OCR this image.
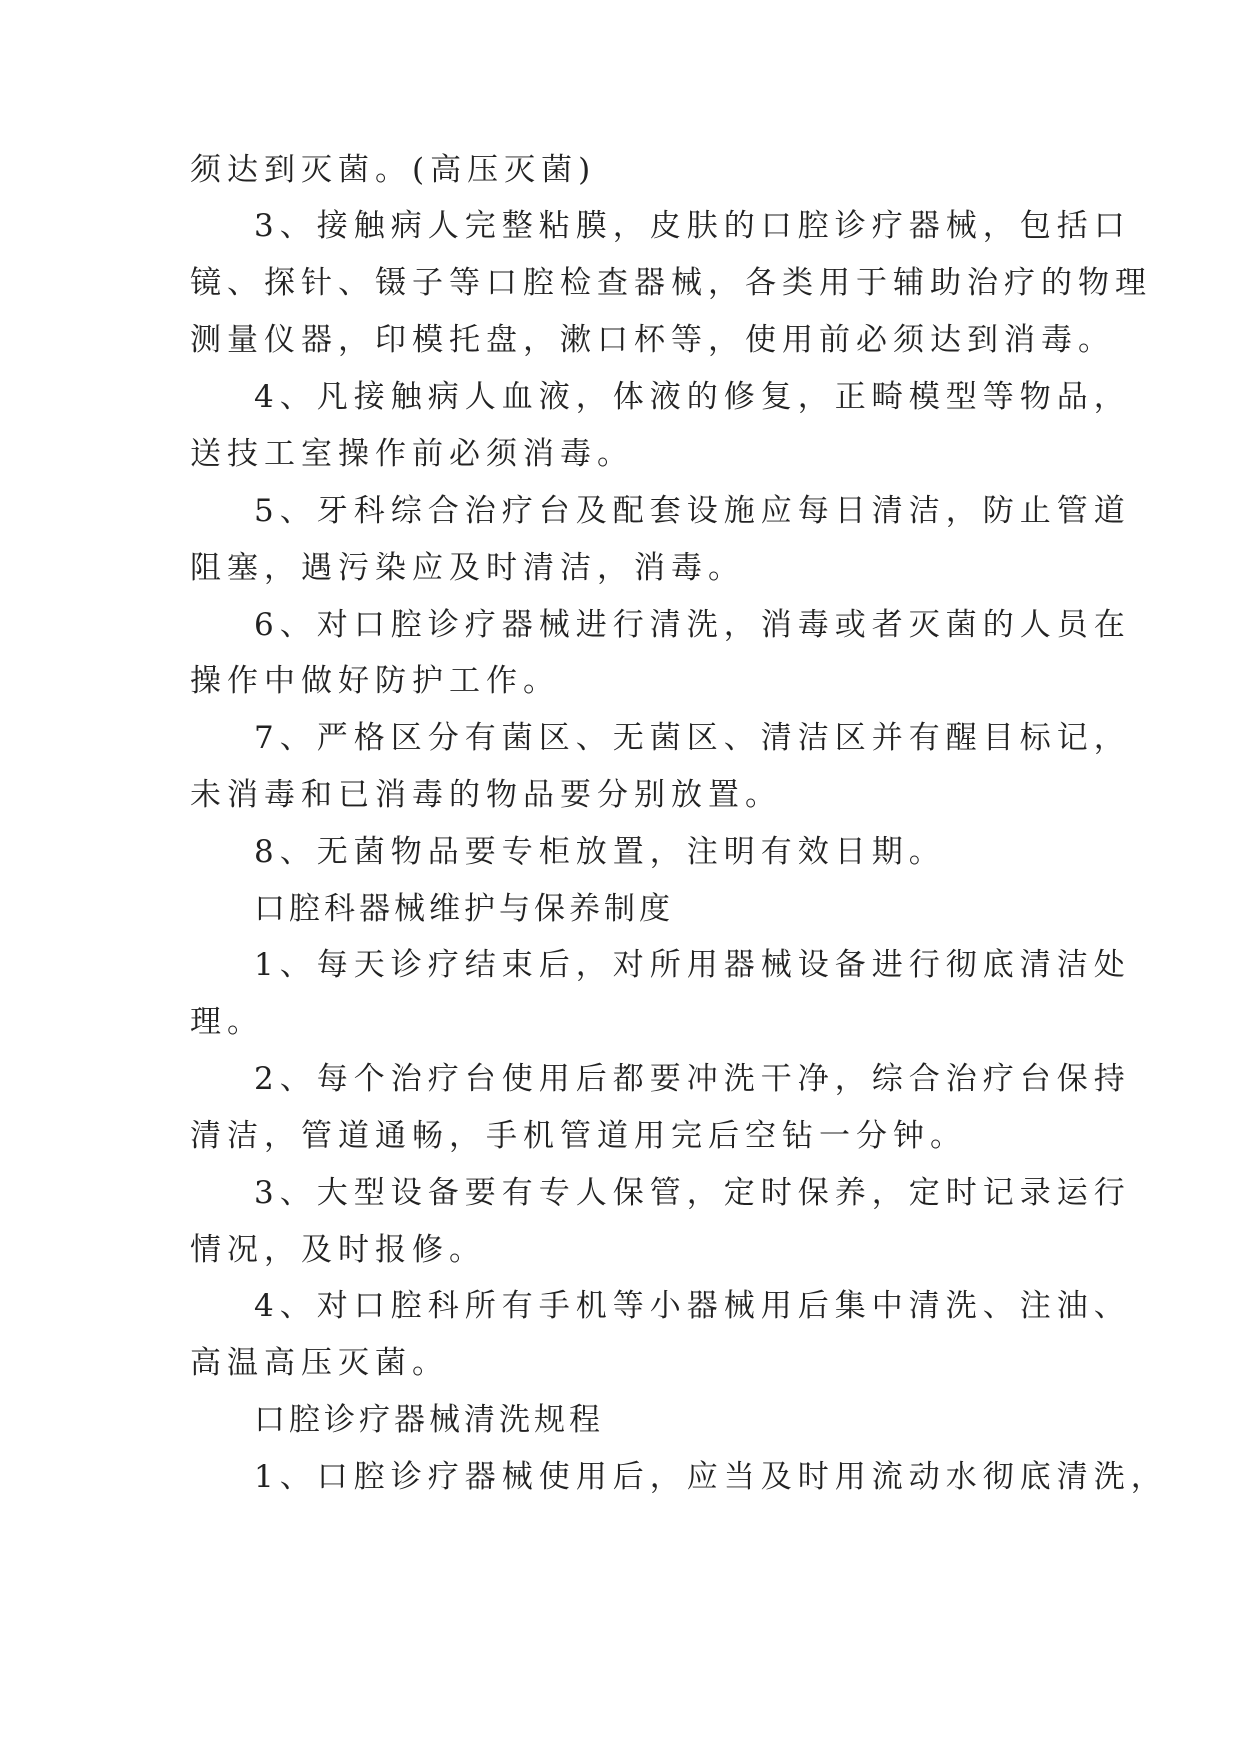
须达到灭菌。(高压灭菌)
3、接触病人完整粘膜，皮肤的口腔诊疗器械，包括口
镜、探针、镊子等口腔检查器械，各类用于辅助治疗的物理
测量仪器，印模托盘，漱口杯等，使用前必须达到消毒。
4、凡接触病人血液，体液的修复，正畸模型等物品，
送技工室操作前必须消毒。
5、牙科综合治疗台及配套设施应每日清洁，防止管道
阻塞，遇污染应及时清洁，消毒。
6、对口腔诊疗器械进行清洗，消毒或者灭菌的人员在
操作中做好防护工作。
7、严格区分有菌区、无菌区、清洁区并有醒目标记，
未消毒和已消毒的物品要分别放置。
8、无菌物品要专柜放置，注明有效日期。
口腔科器械维护与保养制度
1、每天诊疗结束后，对所用器械设备进行彻底清洁处
理。
2、每个治疗台使用后都要冲洗干净，综合治疗台保持
清洁，管道通畅，手机管道用完后空钻一分钟。
3、大型设备要有专人保管，定时保养，定时记录运行
情况，及时报修。
4、对口腔科所有手机等小器械用后集中清洗、注油、
高温高压灭菌。
口腔诊疗器械清洗规程
1、口腔诊疗器械使用后，应当及时用流动水彻底清洗，
